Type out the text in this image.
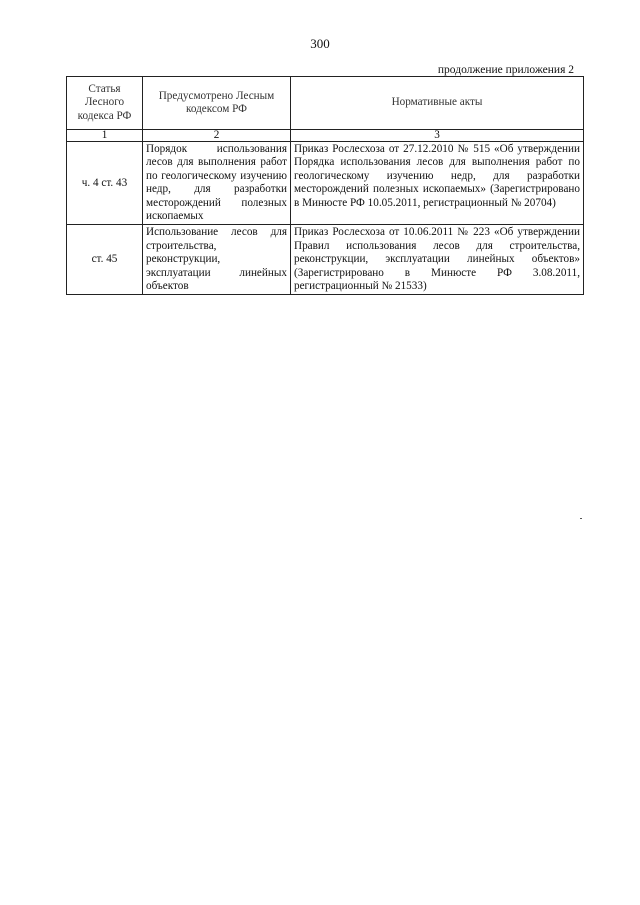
300
продолжение приложения 2
Статья Лесного кодекса РФ	Предусмотрено Лесным кодексом РФ	Нормативные акты
1	2	3
ч. 4 ст. 43	Порядок использования лесов для выполнения работ по геологическому изучению недр, для разработки месторождений полезных ископаемых	Приказ Рослесхоза от 27.12.2010 № 515 «Об утверждении Порядка использования лесов для выполнения работ по геологическому изучению недр, для разработки месторождений полезных ископаемых» (Зарегистрировано в Минюсте РФ 10.05.2011, регистрационный № 20704)
ст. 45	Использование лесов для строительства, реконструкции, эксплуатации линейных объектов	Приказ Рослесхоза от 10.06.2011 № 223 «Об утверждении Правил использования лесов для строительства, реконструкции, эксплуатации линейных объектов» (Зарегистрировано в Минюсте РФ 3.08.2011, регистрационный № 21533)
